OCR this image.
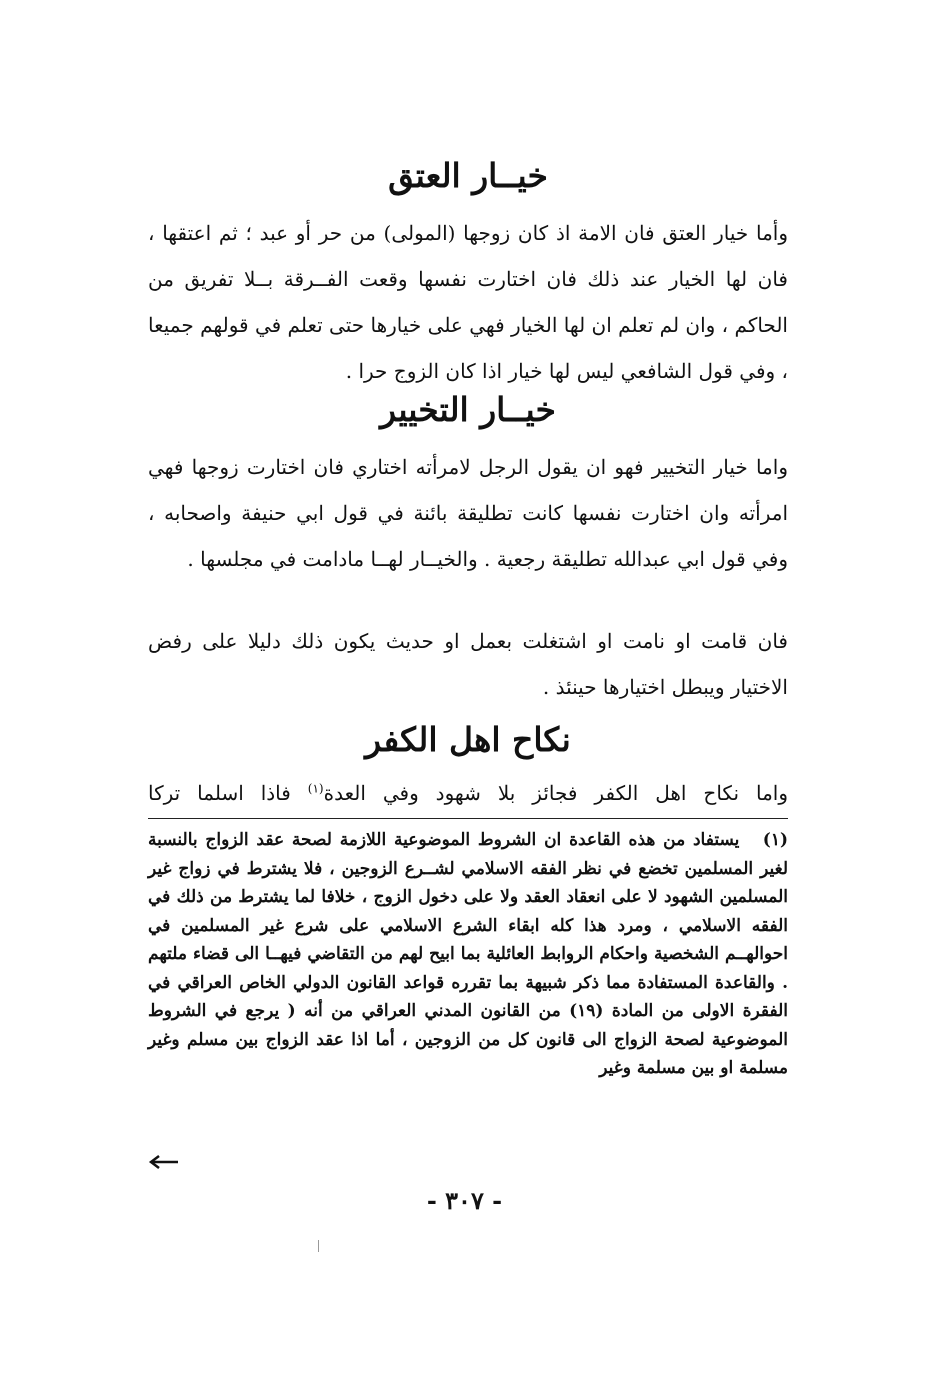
خيــار العتق

وأما خيار العتق فان الامة اذ كان زوجها (المولى) من حر أو عبد ؛ ثم اعتقها ، فان لها الخيار عند ذلك فان اختارت نفسها وقعت الفــرقة بــلا تفريق من الحاكم ، وان لم تعلم ان لها الخيار فهي على خيارها حتى تعلم في قولهم جميعا ، وفي قول الشافعي ليس لها خيار اذا كان الزوج حرا .

خيــار التخيير

واما خيار التخيير فهو ان يقول الرجل لامرأته اختاري فان اختارت زوجها فهي امرأته وان اختارت نفسها كانت تطليقة بائنة في قول ابي حنيفة واصحابه ، وفي قول ابي عبدالله تطليقة رجعية . والخيــار لهــا مادامت في مجلسها .

فان قامت او نامت او اشتغلت بعمل او حديث يكون ذلك دليلا على رفض الاختيار ويبطل اختيارها حينئذ .

نكاح اهل الكفر

واما نكاح اهل الكفر فجائز بلا شهود وفي العدة$^{(١)}$ فاذا اسلما تركا

(١)   يستفاد من هذه القاعدة ان الشروط الموضوعية اللازمة لصحة عقد الزواج بالنسبة لغير المسلمين تخضع في نظر الفقه الاسلامي لشــرع الزوجين ، فلا يشترط في زواج غير المسلمين الشهود لا على انعقاد العقد ولا على دخول الزوج ، خلافا لما يشترط من ذلك في الفقه الاسلامي ، ومرد هذا كله ابقاء الشرع الاسلامي على شرع غير المسلمين في احوالهــم الشخصية واحكام الروابط العائلية بما ابيح لهم من التقاضي فيهــا الى قضاء ملتهم . والقاعدة المستفادة مما ذكر شبيهة بما تقرره قواعد القانون الدولي الخاص العراقي في الفقرة الاولى من المادة (١٩) من القانون المدني العراقي من أنه ( يرجع في الشروط الموضوعية لصحة الزواج الى قانون كل من الزوجين ، أما اذا عقد الزواج بين مسلم وغير مسلمة او بين مسلمة وغير

- ٣٠٧ -
